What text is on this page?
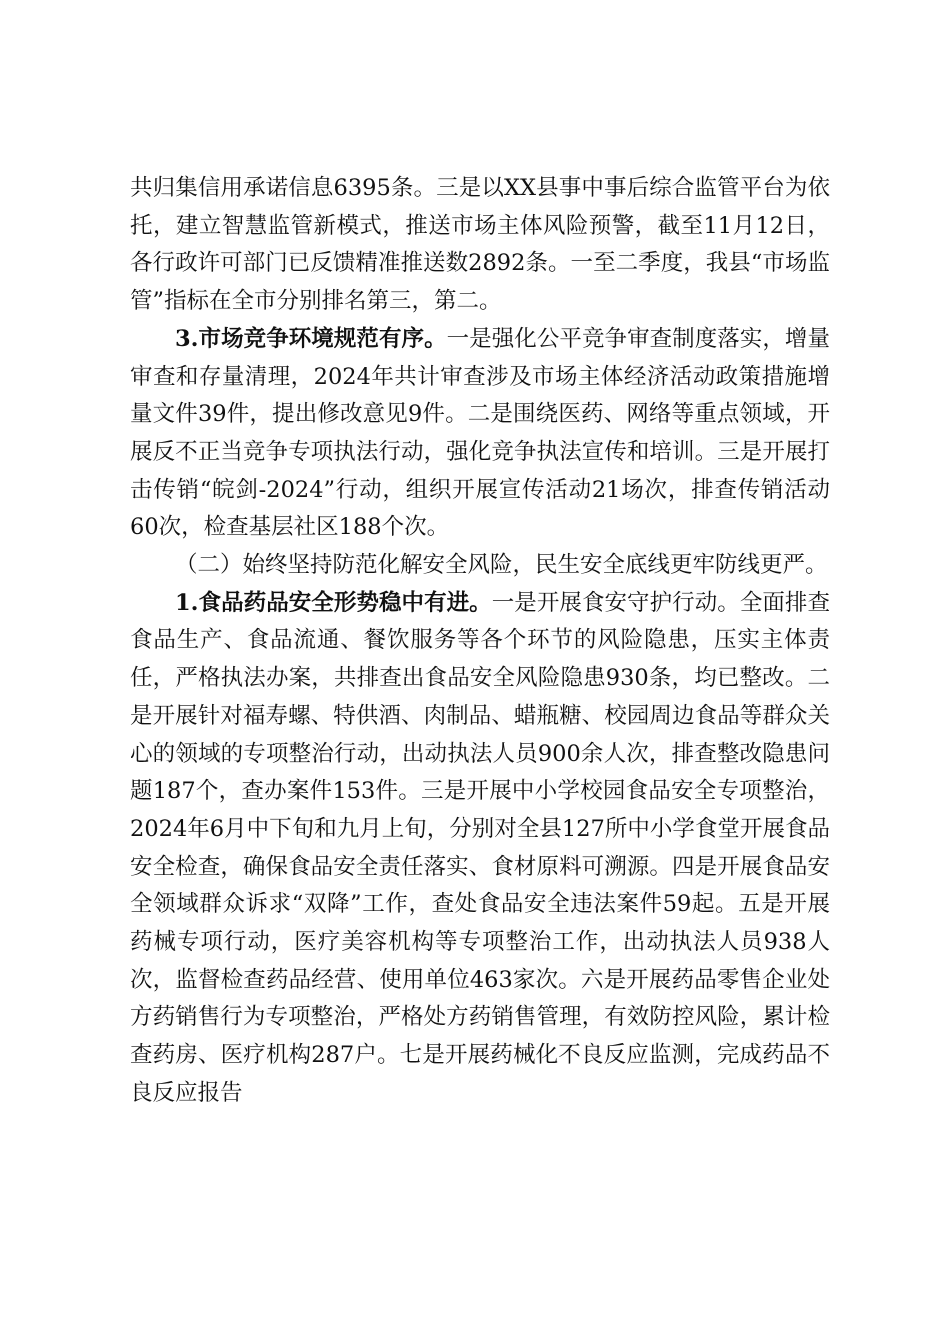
共归集信用承诺信息6395条。三是以XX县事中事后综合监管平台为依托，建立智慧监管新模式，推送市场主体风险预警，截至11月12日，各行政许可部门已反馈精准推送数2892条。一至二季度，我县“市场监管”指标在全市分别排名第三，第二。

3.市场竞争环境规范有序。一是强化公平竞争审查制度落实，增量审查和存量清理，2024年共计审查涉及市场主体经济活动政策措施增量文件39件，提出修改意见9件。二是围绕医药、网络等重点领域，开展反不正当竞争专项执法行动，强化竞争执法宣传和培训。三是开展打击传销“皖剑-2024”行动，组织开展宣传活动21场次，排查传销活动60次，检查基层社区188个次。

（二）始终坚持防范化解安全风险，民生安全底线更牢防线更严。

1.食品药品安全形势稳中有进。一是开展食安守护行动。全面排查食品生产、食品流通、餐饮服务等各个环节的风险隐患，压实主体责任，严格执法办案，共排查出食品安全风险隐患930条，均已整改。二是开展针对福寿螺、特供酒、肉制品、蜡瓶糖、校园周边食品等群众关心的领域的专项整治行动，出动执法人员900余人次，排查整改隐患问题187个，查办案件153件。三是开展中小学校园食品安全专项整治，2024年6月中下旬和九月上旬，分别对全县127所中小学食堂开展食品安全检查，确保食品安全责任落实、食材原料可溯源。四是开展食品安全领域群众诉求“双降”工作，查处食品安全违法案件59起。五是开展药械专项行动，医疗美容机构等专项整治工作，出动执法人员938人次，监督检查药品经营、使用单位463家次。六是开展药品零售企业处方药销售行为专项整治，严格处方药销售管理，有效防控风险，累计检查药房、医疗机构287户。七是开展药械化不良反应监测，完成药品不良反应报告
